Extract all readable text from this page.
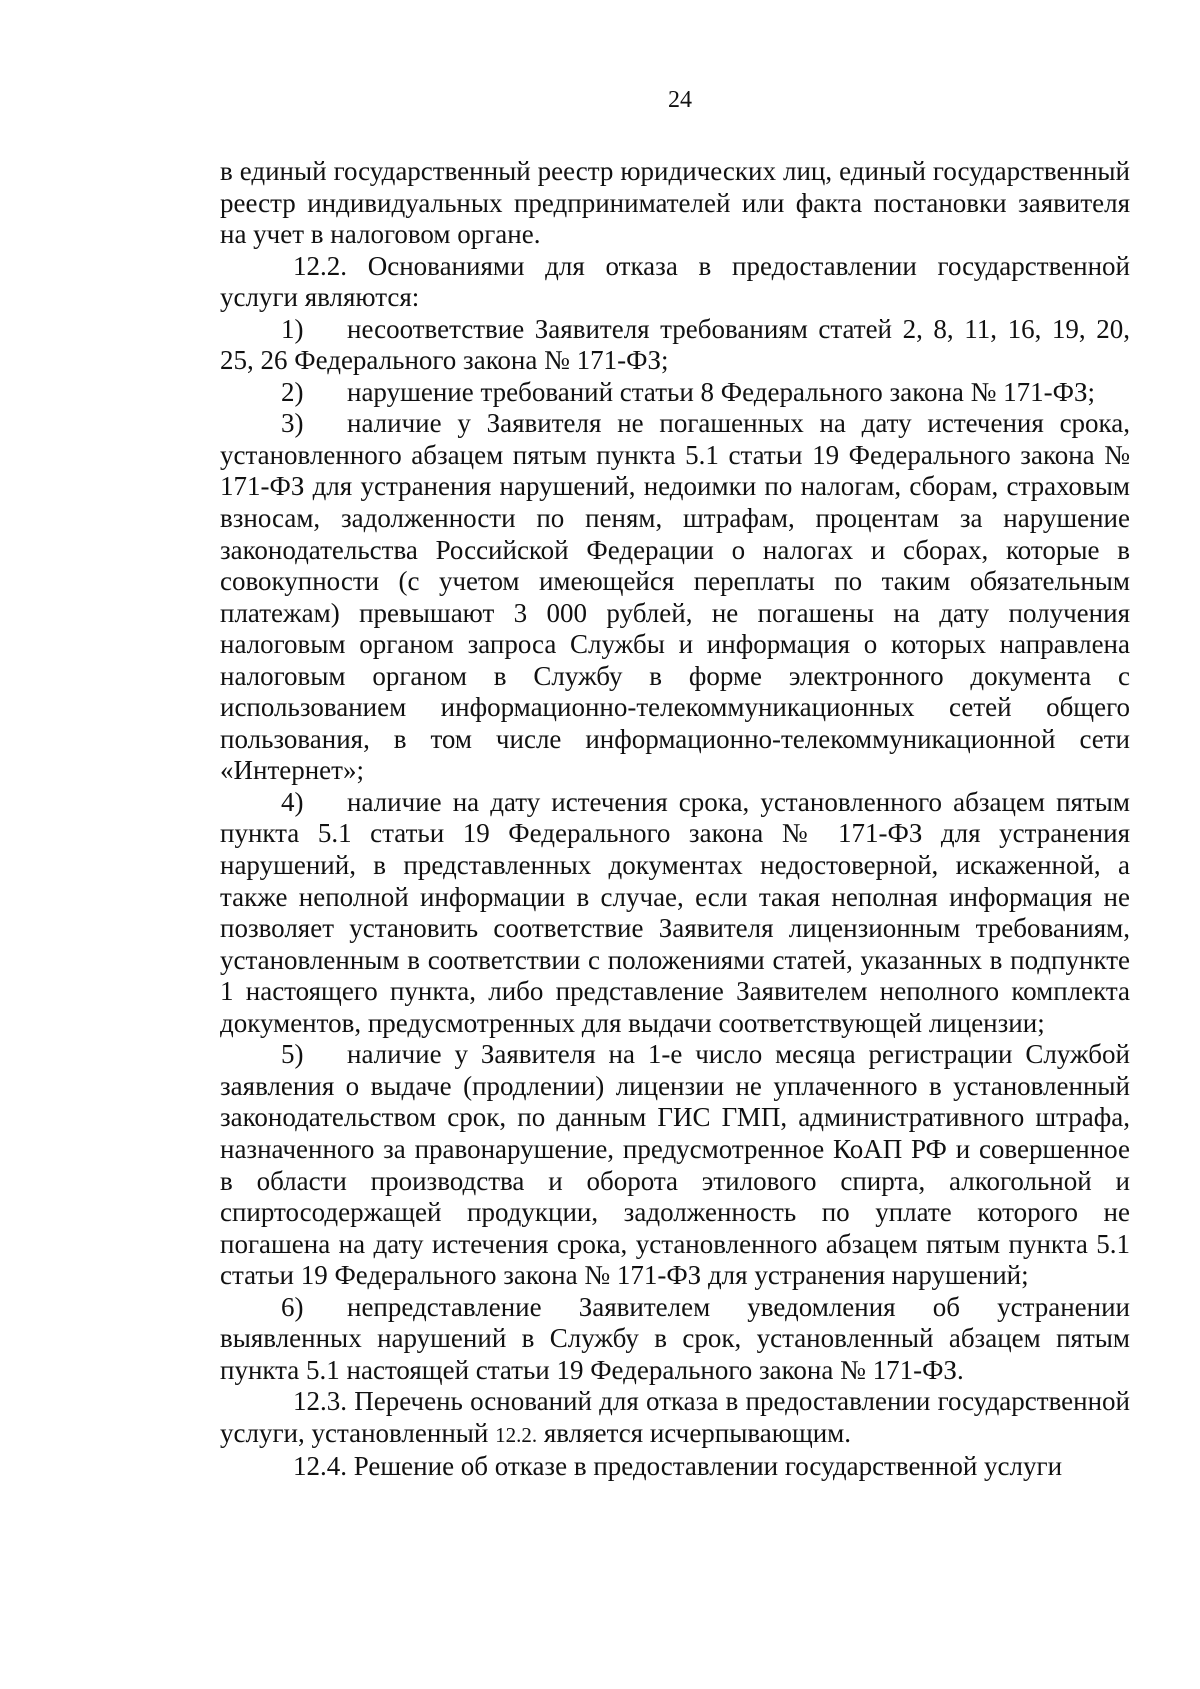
24

в единый государственный реестр юридических лиц, единый государственный реестр индивидуальных предпринимателей или факта постановки заявителя на учет в налоговом органе.

12.2. Основаниями для отказа в предоставлении государственной услуги являются:

1) несоответствие Заявителя требованиям статей 2, 8, 11, 16, 19, 20, 25, 26 Федерального закона № 171-ФЗ;

2) нарушение требований статьи 8 Федерального закона № 171-ФЗ;

3) наличие у Заявителя не погашенных на дату истечения срока, установленного абзацем пятым пункта 5.1 статьи 19 Федерального закона № 171-ФЗ для устранения нарушений, недоимки по налогам, сборам, страховым взносам, задолженности по пеням, штрафам, процентам за нарушение законодательства Российской Федерации о налогах и сборах, которые в совокупности (с учетом имеющейся переплаты по таким обязательным платежам) превышают 3 000 рублей, не погашены на дату получения налоговым органом запроса Службы и информация о которых направлена налоговым органом в Службу в форме электронного документа с использованием информационно-телекоммуникационных сетей общего пользования, в том числе информационно-телекоммуникационной сети «Интернет»;

4) наличие на дату истечения срока, установленного абзацем пятым пункта 5.1 статьи 19 Федерального закона № 171-ФЗ для устранения нарушений, в представленных документах недостоверной, искаженной, а также неполной информации в случае, если такая неполная информация не позволяет установить соответствие Заявителя лицензионным требованиям, установленным в соответствии с положениями статей, указанных в подпункте 1 настоящего пункта, либо представление Заявителем неполного комплекта документов, предусмотренных для выдачи соответствующей лицензии;

5) наличие у Заявителя на 1-е число месяца регистрации Службой заявления о выдаче (продлении) лицензии не уплаченного в установленный законодательством срок, по данным ГИС ГМП, административного штрафа, назначенного за правонарушение, предусмотренное КоАП РФ и совершенное в области производства и оборота этилового спирта, алкогольной и спиртосодержащей продукции, задолженность по уплате которого не погашена на дату истечения срока, установленного абзацем пятым пункта 5.1 статьи 19 Федерального закона № 171-ФЗ для устранения нарушений;

6) непредставление Заявителем уведомления об устранении выявленных нарушений в Службу в срок, установленный абзацем пятым пункта 5.1 настоящей статьи 19 Федерального закона № 171-ФЗ.

12.3. Перечень оснований для отказа в предоставлении государственной услуги, установленный 12.2. является исчерпывающим.

12.4. Решение об отказе в предоставлении государственной услуги
